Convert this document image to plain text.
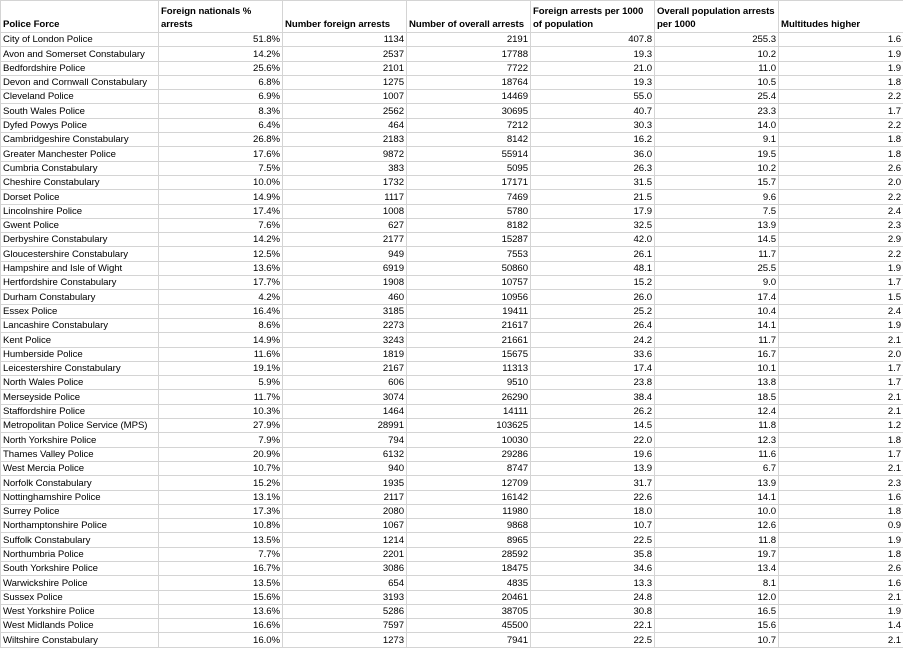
Police Force	Foreign nationals % arrests	Number foreign arrests	Number of overall arrests	Foreign arrests per 1000 of population	Overall population arrests per 1000	Multitudes higher
City of London Police	51.8%	1134	2191	407.8	255.3	1.6
Avon and Somerset Constabulary	14.2%	2537	17788	19.3	10.2	1.9
Bedfordshire Police	25.6%	2101	7722	21.0	11.0	1.9
Devon and Cornwall Constabulary	6.8%	1275	18764	19.3	10.5	1.8
Cleveland Police	6.9%	1007	14469	55.0	25.4	2.2
South Wales Police	8.3%	2562	30695	40.7	23.3	1.7
Dyfed Powys Police	6.4%	464	7212	30.3	14.0	2.2
Cambridgeshire Constabulary	26.8%	2183	8142	16.2	9.1	1.8
Greater Manchester Police	17.6%	9872	55914	36.0	19.5	1.8
Cumbria Constabulary	7.5%	383	5095	26.3	10.2	2.6
Cheshire Constabulary	10.0%	1732	17171	31.5	15.7	2.0
Dorset Police	14.9%	1117	7469	21.5	9.6	2.2
Lincolnshire Police	17.4%	1008	5780	17.9	7.5	2.4
Gwent Police	7.6%	627	8182	32.5	13.9	2.3
Derbyshire Constabulary	14.2%	2177	15287	42.0	14.5	2.9
Gloucestershire Constabulary	12.5%	949	7553	26.1	11.7	2.2
Hampshire and Isle of Wight	13.6%	6919	50860	48.1	25.5	1.9
Hertfordshire Constabulary	17.7%	1908	10757	15.2	9.0	1.7
Durham Constabulary	4.2%	460	10956	26.0	17.4	1.5
Essex Police	16.4%	3185	19411	25.2	10.4	2.4
Lancashire Constabulary	8.6%	2273	21617	26.4	14.1	1.9
Kent Police	14.9%	3243	21661	24.2	11.7	2.1
Humberside Police	11.6%	1819	15675	33.6	16.7	2.0
Leicestershire Constabulary	19.1%	2167	11313	17.4	10.1	1.7
North Wales Police	5.9%	606	9510	23.8	13.8	1.7
Merseyside Police	11.7%	3074	26290	38.4	18.5	2.1
Staffordshire Police	10.3%	1464	14111	26.2	12.4	2.1
Metropolitan Police Service (MPS)	27.9%	28991	103625	14.5	11.8	1.2
North Yorkshire Police	7.9%	794	10030	22.0	12.3	1.8
Thames Valley Police	20.9%	6132	29286	19.6	11.6	1.7
West Mercia Police	10.7%	940	8747	13.9	6.7	2.1
Norfolk Constabulary	15.2%	1935	12709	31.7	13.9	2.3
Nottinghamshire Police	13.1%	2117	16142	22.6	14.1	1.6
Surrey Police	17.3%	2080	11980	18.0	10.0	1.8
Northamptonshire Police	10.8%	1067	9868	10.7	12.6	0.9
Suffolk Constabulary	13.5%	1214	8965	22.5	11.8	1.9
Northumbria Police	7.7%	2201	28592	35.8	19.7	1.8
South Yorkshire Police	16.7%	3086	18475	34.6	13.4	2.6
Warwickshire Police	13.5%	654	4835	13.3	8.1	1.6
Sussex Police	15.6%	3193	20461	24.8	12.0	2.1
West Yorkshire Police	13.6%	5286	38705	30.8	16.5	1.9
West Midlands Police	16.6%	7597	45500	22.1	15.6	1.4
Wiltshire Constabulary	16.0%	1273	7941	22.5	10.7	2.1
